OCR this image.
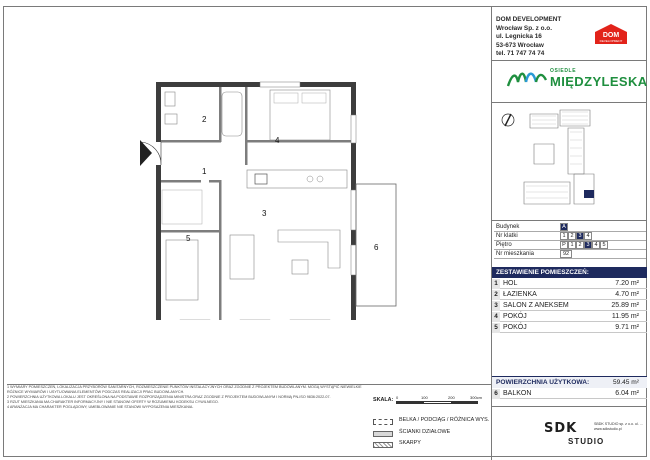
DOM DEVELOPMENT
Wrocław Sp. z o.o.
ul. Legnicka 16
53-673 Wrocław
tel. 71 747 74 74
DOM
DEVELOPMENT
OSIEDLE
MIĘDZYLESKA
Budynek	A
Nr klatki	1 2 3 4
Piętro	P 1 2 3 4 5
Nr mieszkania	92
ZESTAWIENIE POMIESZCZEŃ:
1 HOL	7.20 m²
2 ŁAZIENKA	4.70 m²
3 SALON Z ANEKSEM	25.89 m²
4 POKÓJ	11.95 m²
5 POKÓJ	9.71 m²
POWIERZCHNIA UŻYTKOWA:	59.45 m²
6 BALKON	6.04 m²
1
2
3
4
5
6

1 WYMIARY POMIESZCZEŃ, LOKALIZACJA PRZYBORÓW SANITARNYCH, ROZMIESZCZENIE PUNKTÓW INSTALACYJNYCH ORAZ ZGODNIE Z PROJEKTEM BUDOWLANYM. MOGĄ WYSTĄPIĆ NIEWIELKIE RÓŻNICE WYMIARÓW I USYTUOWANIA ELEMENTÓW PODCZAS REALIZACJI PRAC BUDOWLANYCH.

2 POWIERZCHNIA UŻYTKOWA LOKALU JEST OKREŚLONA NA PODSTAWIE ROZPORZĄDZENIA MINISTRA ORAZ ZGODNIE Z PROJEKTEM BUDOWLANYM I NORMĄ PN-ISO 9836:2022-07.

3 RZUT MIESZKANIA MA CHARAKTER INFORMACYJNY I NIE STANOWI OFERTY W ROZUMIENIU KODEKSU CYWILNEGO.

4 ARANŻACJA MA CHARAKTER POGLĄDOWY, UMEBLOWANIE NIE STANOWI WYPOSAŻENIA MIESZKANIA.

SKALA: 0	100	200	300cm
BELKA / PODCIĄG / RÓŻNICA WYS.
ŚCIANKI DZIAŁOWE
SKARPY
SDK
STUDIO
SBDK STUDIO sp. z o.o. ul. ... www.sdkstudio.pl
